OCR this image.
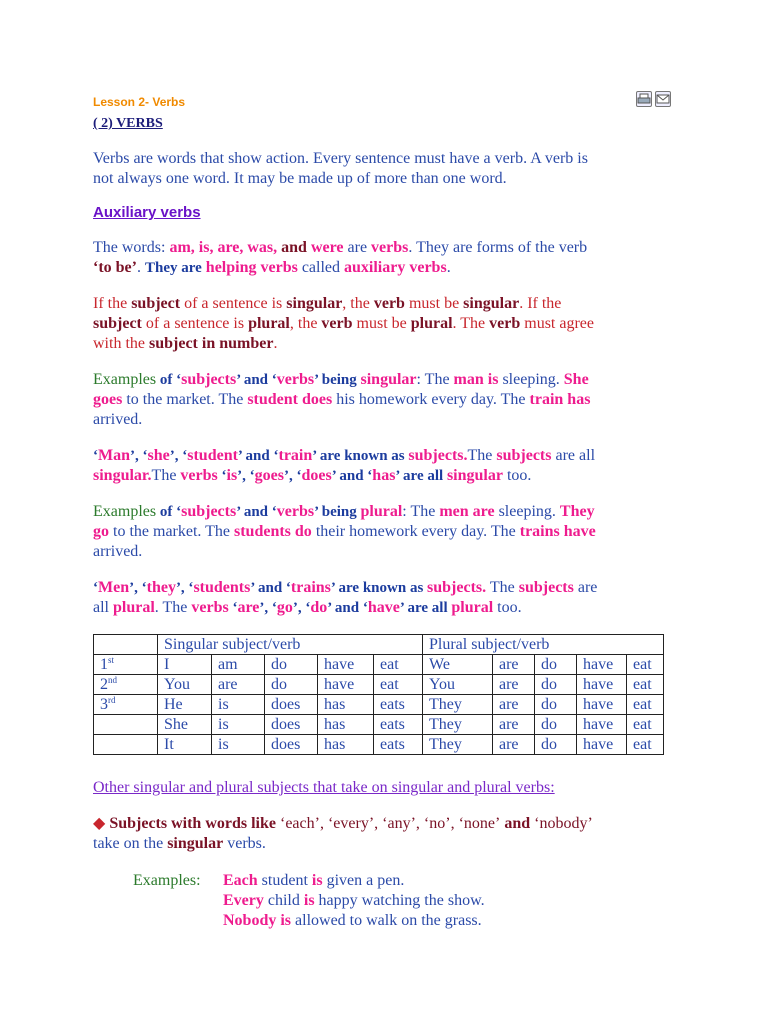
Lesson 2- Verbs
( 2) VERBS
Verbs are words that show action. Every sentence must have a verb. A verb is
not always one word. It may be made up of more than one word.
Auxiliary verbs
The words: am, is, are, was, and were are verbs. They are forms of the verb
‘to be’. They are helping verbs called auxiliary verbs.
If the subject of a sentence is singular, the verb must be singular. If the
subject of a sentence is plural, the verb must be plural. The verb must agree
with the subject in number.
Examples of ‘subjects’ and ‘verbs’ being singular: The man is sleeping. She
goes to the market. The student does his homework every day. The train has
arrived.
‘Man’, ‘she’, ‘student’ and ‘train’ are known as subjects.The subjects are all
singular.The verbs ‘is’, ‘goes’, ‘does’ and ‘has’ are all singular too.
Examples of ‘subjects’ and ‘verbs’ being plural: The men are sleeping. They
go to the market. The students do their homework every day. The trains have
arrived.
‘Men’, ‘they’, ‘students’ and ‘trains’ are known as subjects. The subjects are
all plural. The verbs ‘are’, ‘go’, ‘do’ and ‘have’ are all plural too.
	Singular subject/verb					Plural subject/verb				
1st	I	am	do	have	eat	We	are	do	have	eat
2nd	You	are	do	have	eat	You	are	do	have	eat
3rd	He	is	does	has	eats	They	are	do	have	eat
	She	is	does	has	eats	They	are	do	have	eat
	It	is	does	has	eats	They	are	do	have	eat
Other singular and plural subjects that take on singular and plural verbs:
◆ Subjects with words like ‘each’, ‘every’, ‘any’, ‘no’, ‘none’ and ‘nobody’
take on the singular verbs.
Examples: Each student is given a pen.
Every child is happy watching the show.
Nobody is allowed to walk on the grass.
